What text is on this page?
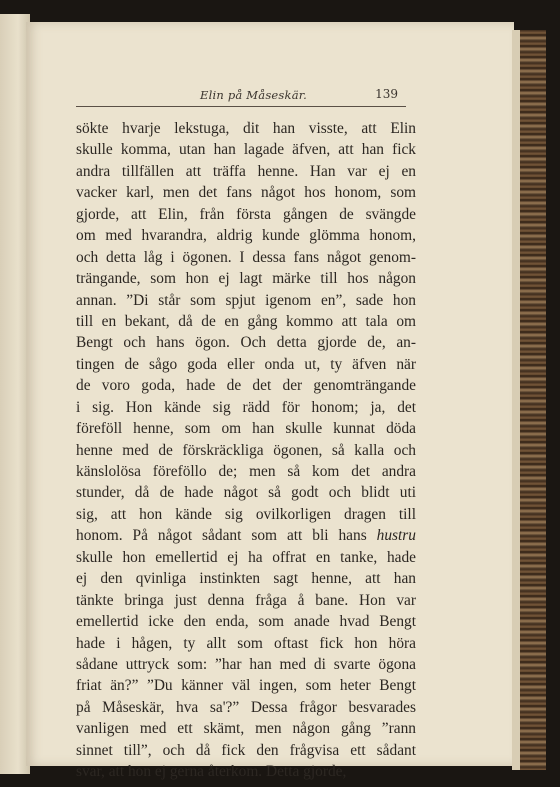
Elin på Måseskär.	139
sökte hvarje lekstuga, dit han visste, att Elin
skulle komma, utan han lagade äfven, att han fick
andra tillfällen att träffa henne. Han var ej en
vacker karl, men det fans något hos honom, som
gjorde, att Elin, från första gången de svängde
om med hvarandra, aldrig kunde glömma honom,
och detta låg i ögonen. I dessa fans något genom-
trängande, som hon ej lagt märke till hos någon
annan. ”Di står som spjut igenom en”, sade hon
till en bekant, då de en gång kommo att tala om
Bengt och hans ögon. Och detta gjorde de, an-
tingen de sågo goda eller onda ut, ty äfven när
de voro goda, hade de det der genomträngande
i sig. Hon kände sig rädd för honom; ja, det
föreföll henne, som om han skulle kunnat döda
henne med de förskräckliga ögonen, så kalla och
känslolösa föreföllo de; men så kom det andra
stunder, då de hade något så godt och blidt uti
sig, att hon kände sig ovilkorligen dragen till
honom. På något sådant som att bli hans hustru
skulle hon emellertid ej ha offrat en tanke, hade
ej den qvinliga instinkten sagt henne, att han
tänkte bringa just denna fråga å bane. Hon var
emellertid icke den enda, som anade hvad Bengt
hade i hågen, ty allt som oftast fick hon höra
sådane uttryck som: ”har han med di svarte ögona
friat än?” ”Du känner väl ingen, som heter Bengt
på Måseskär, hva sa'?” Dessa frågor besvarades
vanligen med ett skämt, men någon gång ”rann
sinnet till”, och då fick den frågvisa ett sådant
svar, att hon ej gerna återkom. Detta gjorde,
